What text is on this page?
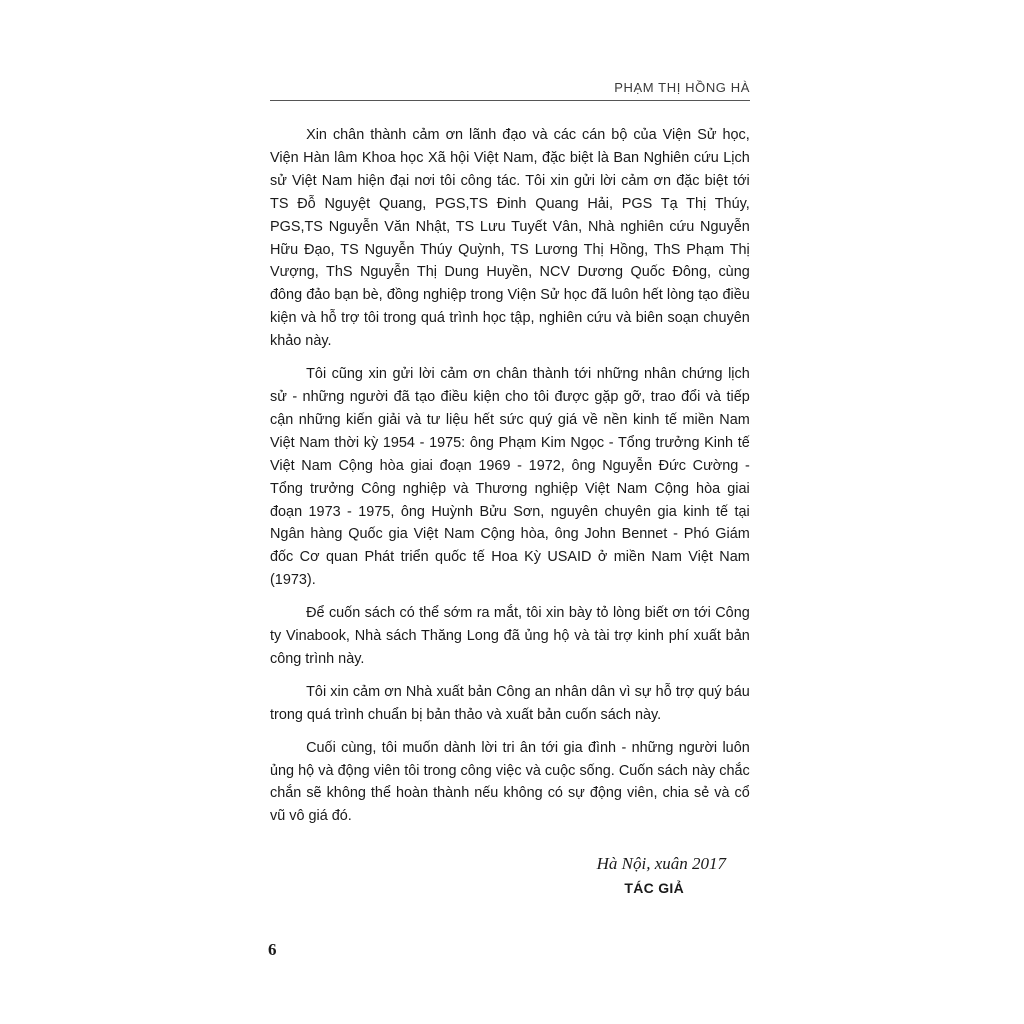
PHẠM THỊ HỒNG HÀ

Xin chân thành cảm ơn lãnh đạo và các cán bộ của Viện Sử học, Viện Hàn lâm Khoa học Xã hội Việt Nam, đặc biệt là Ban Nghiên cứu Lịch sử Việt Nam hiện đại nơi tôi công tác. Tôi xin gửi lời cảm ơn đặc biệt tới TS Đỗ Nguyệt Quang, PGS,TS Đinh Quang Hải, PGS Tạ Thị Thúy, PGS,TS Nguyễn Văn Nhật, TS Lưu Tuyết Vân, Nhà nghiên cứu Nguyễn Hữu Đạo, TS Nguyễn Thúy Quỳnh, TS Lương Thị Hồng, ThS Phạm Thị Vượng, ThS Nguyễn Thị Dung Huyền, NCV Dương Quốc Đông, cùng đông đảo bạn bè, đồng nghiệp trong Viện Sử học đã luôn hết lòng tạo điều kiện và hỗ trợ tôi trong quá trình học tập, nghiên cứu và biên soạn chuyên khảo này.

Tôi cũng xin gửi lời cảm ơn chân thành tới những nhân chứng lịch sử - những người đã tạo điều kiện cho tôi được gặp gỡ, trao đổi và tiếp cận những kiến giải và tư liệu hết sức quý giá về nền kinh tế miền Nam Việt Nam thời kỳ 1954 - 1975: ông Phạm Kim Ngọc - Tổng trưởng Kinh tế Việt Nam Cộng hòa giai đoạn 1969 - 1972, ông Nguyễn Đức Cường - Tổng trưởng Công nghiệp và Thương nghiệp Việt Nam Cộng hòa giai đoạn 1973 - 1975, ông Huỳnh Bửu Sơn, nguyên chuyên gia kinh tế tại Ngân hàng Quốc gia Việt Nam Cộng hòa, ông John Bennet - Phó Giám đốc Cơ quan Phát triển quốc tế Hoa Kỳ USAID ở miền Nam Việt Nam (1973).

Để cuốn sách có thể sớm ra mắt, tôi xin bày tỏ lòng biết ơn tới Công ty Vinabook, Nhà sách Thăng Long đã ủng hộ và tài trợ kinh phí xuất bản công trình này.

Tôi xin cảm ơn Nhà xuất bản Công an nhân dân vì sự hỗ trợ quý báu trong quá trình chuẩn bị bản thảo và xuất bản cuốn sách này.

Cuối cùng, tôi muốn dành lời tri ân tới gia đình - những người luôn ủng hộ và động viên tôi trong công việc và cuộc sống. Cuốn sách này chắc chắn sẽ không thể hoàn thành nếu không có sự động viên, chia sẻ và cổ vũ vô giá đó.

Hà Nội, xuân 2017
TÁC GIẢ
6
